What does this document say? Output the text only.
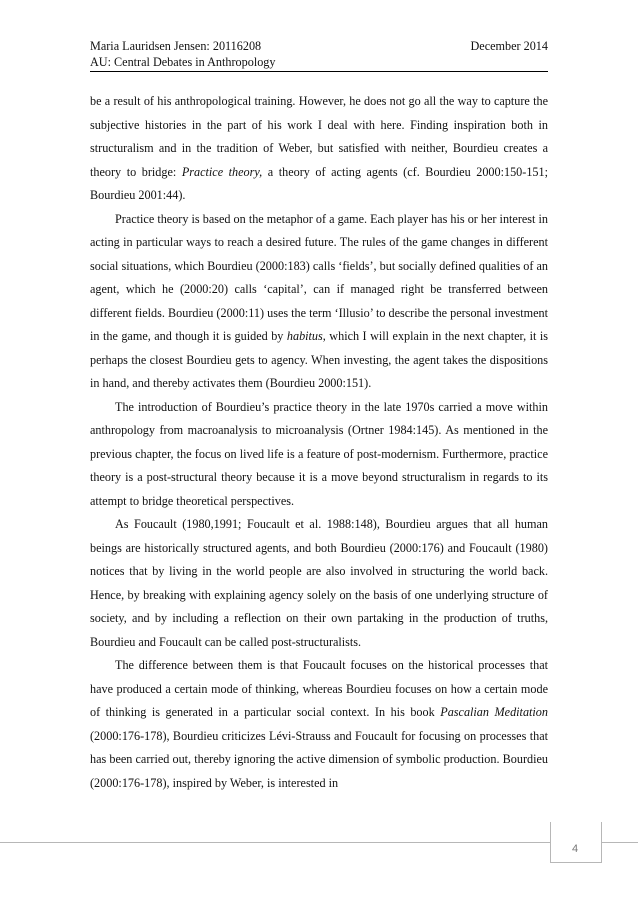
Maria Lauridsen Jensen: 20116208	December 2014
AU: Central Debates in Anthropology

be a result of his anthropological training. However, he does not go all the way to capture the subjective histories in the part of his work I deal with here. Finding inspiration both in structuralism and in the tradition of Weber, but satisfied with neither, Bourdieu creates a theory to bridge: Practice theory, a theory of acting agents (cf. Bourdieu 2000:150-151; Bourdieu 2001:44).

Practice theory is based on the metaphor of a game. Each player has his or her interest in acting in particular ways to reach a desired future. The rules of the game changes in different social situations, which Bourdieu (2000:183) calls ‘fields’, but socially defined qualities of an agent, which he (2000:20) calls ‘capital’, can if managed right be transferred between different fields. Bourdieu (2000:11) uses the term ‘Illusio’ to describe the personal investment in the game, and though it is guided by habitus, which I will explain in the next chapter, it is perhaps the closest Bourdieu gets to agency. When investing, the agent takes the dispositions in hand, and thereby activates them (Bourdieu 2000:151).

The introduction of Bourdieu’s practice theory in the late 1970s carried a move within anthropology from macroanalysis to microanalysis (Ortner 1984:145). As mentioned in the previous chapter, the focus on lived life is a feature of post-modernism. Furthermore, practice theory is a post-structural theory because it is a move beyond structuralism in regards to its attempt to bridge theoretical perspectives.

As Foucault (1980,1991; Foucault et al. 1988:148), Bourdieu argues that all human beings are historically structured agents, and both Bourdieu (2000:176) and Foucault (1980) notices that by living in the world people are also involved in structuring the world back. Hence, by breaking with explaining agency solely on the basis of one underlying structure of society, and by including a reflection on their own partaking in the production of truths, Bourdieu and Foucault can be called post-structuralists.

The difference between them is that Foucault focuses on the historical processes that have produced a certain mode of thinking, whereas Bourdieu focuses on how a certain mode of thinking is generated in a particular social context. In his book Pascalian Meditation (2000:176-178), Bourdieu criticizes Lévi-Strauss and Foucault for focusing on processes that has been carried out, thereby ignoring the active dimension of symbolic production. Bourdieu (2000:176-178), inspired by Weber, is interested in

4
